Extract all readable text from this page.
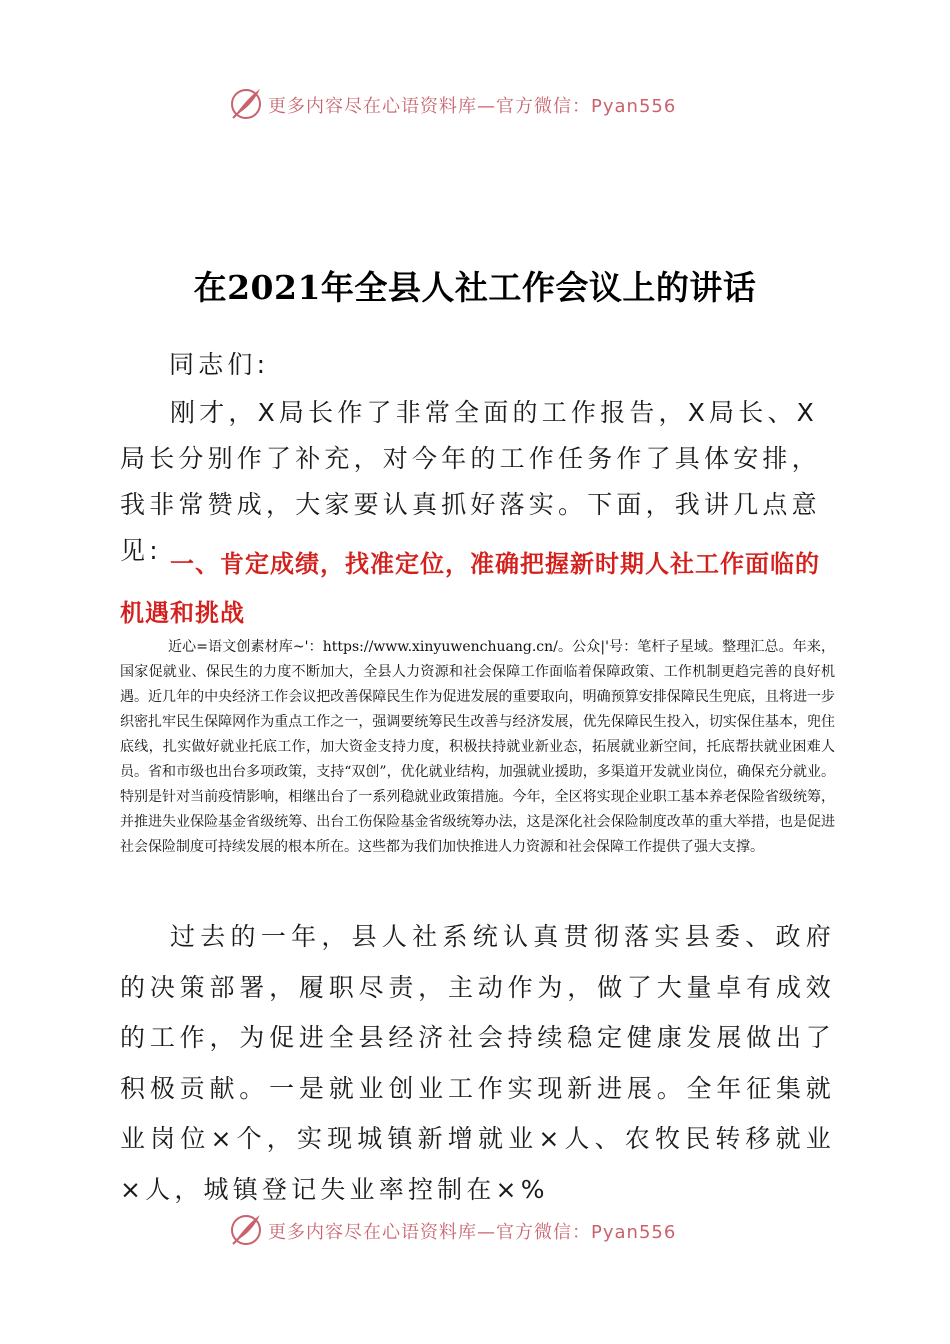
更多内容尽在心语资料库—官方微信：Pyan556
在2021年全县人社工作会议上的讲话
同志们:
刚才，X局长作了非常全面的工作报告，X局长、X局长分别作了补充，对今年的工作任务作了具体安排，我非常赞成，大家要认真抓好落实。下面，我讲几点意见: 一、肯定成绩，找准定位，准确把握新时期人社工作面临的机遇和挑战
近心=语文创素材库~'：https://www.xinyuwenchuang.cn/。公众|'号：笔杆子星域。整理汇总。年来，国家促就业、保民生的力度不断加大，全县人力资源和社会保障工作面临着保障政策、工作机制更趋完善的良好机遇。近几年的中央经济工作会议把改善保障民生作为促进发展的重要取向，明确预算安排保障民生兜底，且将进一步织密扎牢民生保障网作为重点工作之一，强调要统筹民生改善与经济发展，优先保障民生投入，切实保住基本，兜住底线，扎实做好就业托底工作，加大资金支持力度，积极扶持就业新业态，拓展就业新空间，托底帮扶就业困难人员。省和市级也出台多项政策，支持“双创”，优化就业结构，加强就业援助，多渠道开发就业岗位，确保充分就业。特别是针对当前疫情影响，相继出台了一系列稳就业政策措施。今年，全区将实现企业职工基本养老保险省级统筹，并推进失业保险基金省级统筹、出台工伤保险基金省级统筹办法，这是深化社会保险制度改革的重大举措，也是促进社会保险制度可持续发展的根本所在。这些都为我们加快推进人力资源和社会保障工作提供了强大支撑。
过去的一年，县人社系统认真贯彻落实县委、政府的决策部署，履职尽责，主动作为，做了大量卓有成效的工作，为促进全县经济社会持续稳定健康发展做出了积极贡献。一是就业创业工作实现新进展。全年征集就业岗位×个，实现城镇新增就业×人、农牧民转移就业×人，城镇登记失业率控制在×%
更多内容尽在心语资料库—官方微信：Pyan556
